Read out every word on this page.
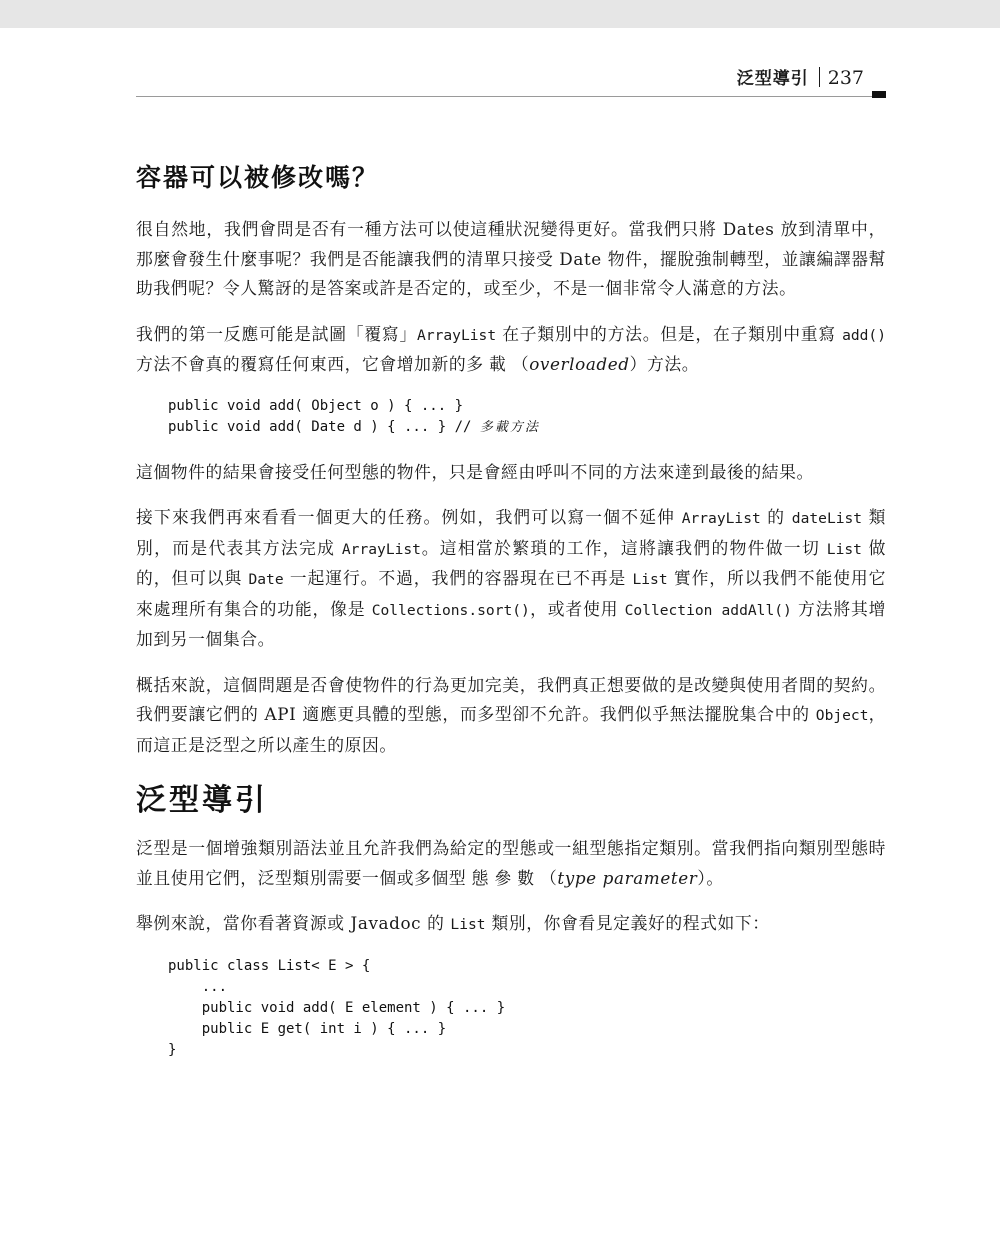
泛型導引 237
容器可以被修改嗎？

很自然地，我們會問是否有一種方法可以使這種狀況變得更好。當我們只將 Dates 放到清單中，那麼會發生什麼事呢？我們是否能讓我們的清單只接受 Date 物件，擺脫強制轉型，並讓編譯器幫助我們呢？令人驚訝的是答案或許是否定的，或至少，不是一個非常令人滿意的方法。

我們的第一反應可能是試圖「覆寫」ArrayList 在子類別中的方法。但是，在子類別中重寫 add() 方法不會真的覆寫任何東西，它會增加新的多載（overloaded）方法。

public void add( Object o ) { ... }
public void add( Date d ) { ... } // 多載方法

這個物件的結果會接受任何型態的物件，只是會經由呼叫不同的方法來達到最後的結果。

接下來我們再來看看一個更大的任務。例如，我們可以寫一個不延伸 ArrayList 的 dateList 類別，而是代表其方法完成 ArrayList。這相當於繁瑣的工作，這將讓我們的物件做一切 List 做的，但可以與 Date 一起運行。不過，我們的容器現在已不再是 List 實作，所以我們不能使用它來處理所有集合的功能，像是 Collections.sort()，或者使用 Collection addAll() 方法將其增加到另一個集合。

概括來說，這個問題是否會使物件的行為更加完美，我們真正想要做的是改變與使用者間的契約。我們要讓它們的 API 適應更具體的型態，而多型卻不允許。我們似乎無法擺脫集合中的 Object，而這正是泛型之所以產生的原因。

泛型導引

泛型是一個增強類別語法並且允許我們為給定的型態或一組型態指定類別。當我們指向類別型態時並且使用它們，泛型類別需要一個或多個型態參數（type parameter）。

舉例來說，當你看著資源或 Javadoc 的 List 類別，你會看見定義好的程式如下：

public class List< E > {
...
public void add( E element ) { ... }
public E get( int i ) { ... }
}
